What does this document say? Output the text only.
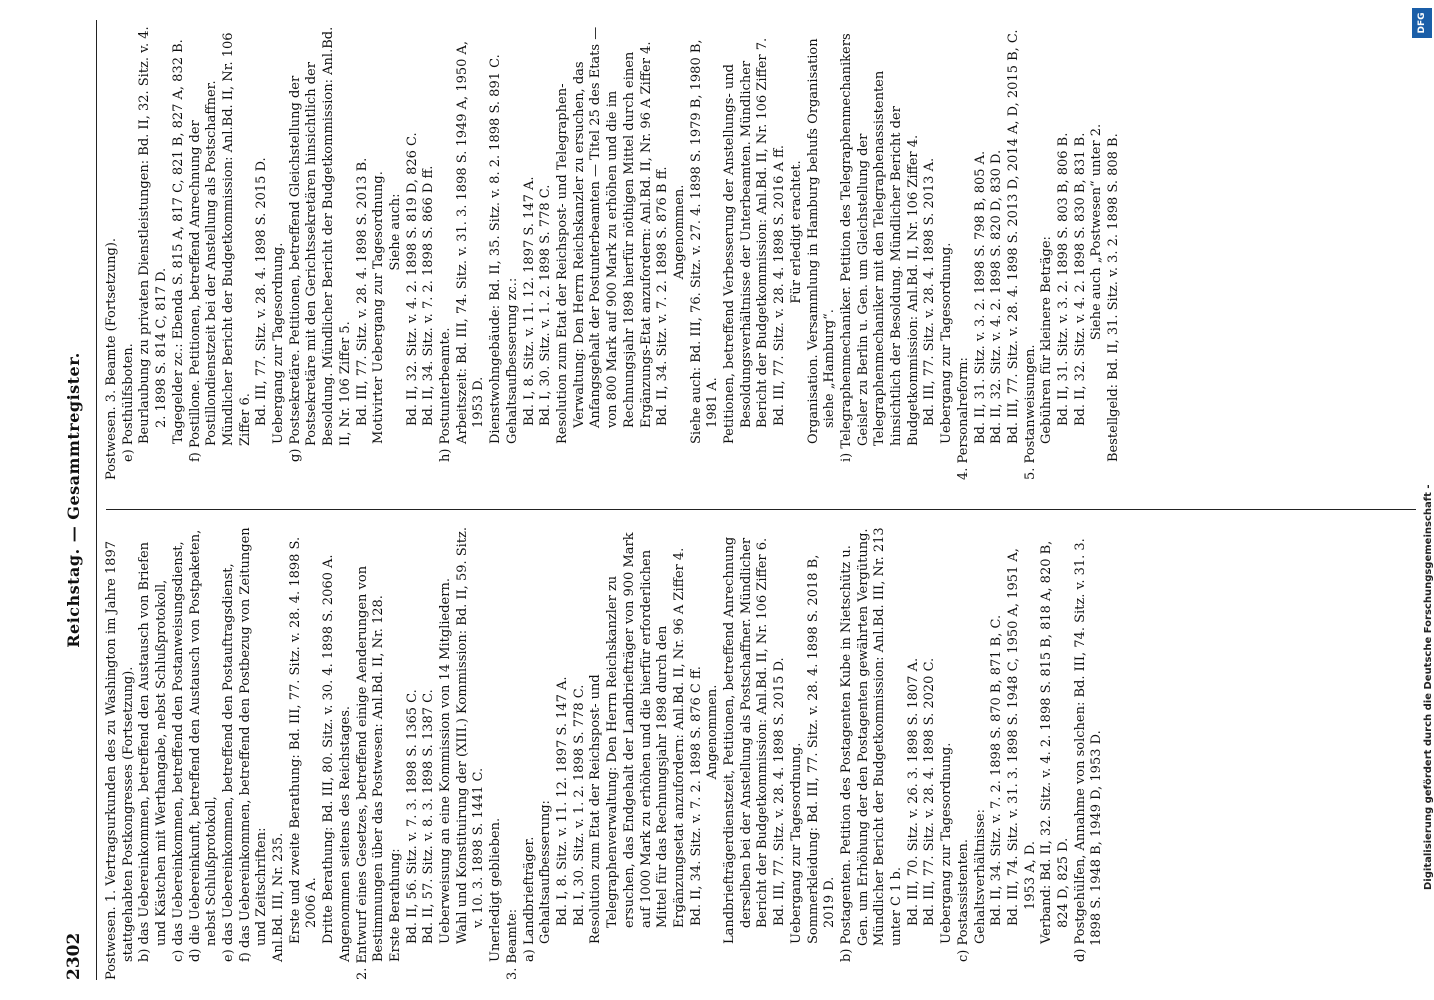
2302
Reichstag. — Gesammtregister.

Postwesen. 1. Vertragsurkunden des zu Washington im Jahre 1897 stattgehabten Postkongresses (Fortsetzung). b) das Uebereinkommen, betreffend den Austausch von Briefen und Kästchen mit Werthangabe, nebst Schlußprotokoll, c) das Uebereinkommen, betreffend den Postanweisungsdienst, d) die Uebereinkunft, betreffend den Austausch von Postpaketen, nebst Schlußprotokoll, e) das Uebereinkommen, betreffend den Postauftragsdienst, f) das Uebereinkommen, betreffend den Postbezug von Zeitungen und Zeitschriften: Anl.Bd. III, Nr. 235. Erste und zweite Berathung: Bd. III, 77. Sitz. v. 28. 4. 1898 S. 2006 A. Dritte Berathung: Bd. III, 80. Sitz. v. 30. 4. 1898 S. 2060 A. Angenommen seitens des Reichstages. 2. Entwurf eines Gesetzes, betreffend einige Aenderungen von Bestimmungen über das Postwesen: Anl.Bd. II, Nr. 128. Erste Berathung: Bd. II, 56. Sitz. v. 7. 3. 1898 S. 1365 C. Bd. II, 57. Sitz. v. 8. 3. 1898 S. 1387 C. Ueberweisung an eine Kommission von 14 Mitgliedern. Wahl und Konstituirung der (XIII.) Kommission: Bd. II, 59. Sitz. v. 10. 3. 1898 S. 1441 C. Unerledigt geblieben. 3. Beamte: a) Landbriefträger. Gehaltsaufbesserung: Bd. I, 8. Sitz. v. 11. 12. 1897 S. 147 A. Bd. I, 30. Sitz. v. 1. 2. 1898 S. 778 C. Resolution zum Etat der Reichspost- und Telegraphenverwaltung: Den Herrn Reichskanzler zu ersuchen, das Endgehalt der Landbriefträger von 900 Mark auf 1000 Mark zu erhöhen und die hierfür erforderlichen Mittel für das Rechnungsjahr 1898 durch den Ergänzungsetat anzufordern: Anl.Bd. II, Nr. 96 A Ziffer 4. Bd. II, 34. Sitz. v. 7. 2. 1898 S. 876 C ff. Angenommen. Landbriefträgerdienstzeit, Petitionen, betreffend Anrechnung derselben bei der Anstellung als Postschaffner. Mündlicher Bericht der Budgetkommission: Anl.Bd. II, Nr. 106 Ziffer 6. Bd. III, 77. Sitz. v. 28. 4. 1898 S. 2015 D. Uebergang zur Tagesordnung. Sommerkleidung: Bd. III, 77. Sitz. v. 28. 4. 1898 S. 2018 B, 2019 D. b) Postagenten. Petition des Postagenten Kube in Nietschütz u. Gen. um Erhöhung der den Postagenten gewährten Vergütung. Mündlicher Bericht der Budgetkommission: Anl.Bd. III, Nr. 213 unter C 1 b. Bd. III, 70. Sitz. v. 26. 3. 1898 S. 1807 A. Bd. III, 77. Sitz. v. 28. 4. 1898 S. 2020 C. Uebergang zur Tagesordnung. c) Postassistenten. Gehaltsverhältnisse: Bd. II, 34. Sitz. v. 7. 2. 1898 S. 870 B, 871 B, C. Bd. III, 74. Sitz. v. 31. 3. 1898 S. 1948 C, 1950 A, 1951 A, 1953 A, D. Verband: Bd. II, 32. Sitz. v. 4. 2. 1898 S. 815 B, 818 A, 820 B, 824 D, 825 D. d) Postgehülfen, Annahme von solchen: Bd. III, 74. Sitz. v. 31. 3. 1898 S. 1948 B, 1949 D, 1953 D.

Postwesen. 3. Beamte (Fortsetzung). e) Posthülfsboten. Beurlaubung zu privaten Dienstleistungen: Bd. II, 32. Sitz. v. 4. 2. 1898 S. 814 C, 817 D. Tagegelder zc.: Ebenda S. 815 A, 817 C, 821 B, 827 A, 832 B. f) Postillone. Petitionen, betreffend Anrechnung der Postillondienstzeit bei der Anstellung als Postschaffner. Mündlicher Bericht der Budgetkommission: Anl.Bd. II, Nr. 106 Ziffer 6. Bd. III, 77. Sitz. v. 28. 4. 1898 S. 2015 D. Uebergang zur Tagesordnung. g) Postsekretäre. Petitionen, betreffend Gleichstellung der Postsekretäre mit den Gerichtssekretären hinsichtlich der Besoldung. Mündlicher Bericht der Budgetkommission: Anl.Bd. II, Nr. 106 Ziffer 5. Bd. III, 77. Sitz. v. 28. 4. 1898 S. 2013 B. Motivirter Uebergang zur Tagesordnung. Siehe auch: Bd. II, 32. Sitz. v. 4. 2. 1898 S. 819 D, 826 C. Bd. II, 34. Sitz. v. 7. 2. 1898 S. 866 D ff. h) Postunterbeamte. Arbeitszeit: Bd. III, 74. Sitz. v. 31. 3. 1898 S. 1949 A, 1950 A, 1953 D. Dienstwohngebäude: Bd. II, 35. Sitz. v. 8. 2. 1898 S. 891 C. Gehaltsaufbesserung zc.: Bd. I, 8. Sitz. v. 11. 12. 1897 S. 147 A. Bd. I, 30. Sitz. v. 1. 2. 1898 S. 778 C. Resolution zum Etat der Reichspost- und Telegraphen-Verwaltung: Den Herrn Reichskanzler zu ersuchen, das Anfangsgehalt der Postunterbeamten — Titel 25 des Etats — von 800 Mark auf 900 Mark zu erhöhen und die im Rechnungsjahr 1898 hierfür nöthigen Mittel durch einen Ergänzungs-Etat anzufordern: Anl.Bd. II, Nr. 96 A Ziffer 4. Bd. II, 34. Sitz. v. 7. 2. 1898 S. 876 B ff. Angenommen. Siehe auch: Bd. III, 76. Sitz. v. 27. 4. 1898 S. 1979 B, 1980 B, 1981 A. Petitionen, betreffend Verbesserung der Anstellungs- und Besoldungsverhältnisse der Unterbeamten. Mündlicher Bericht der Budgetkommission: Anl.Bd. II, Nr. 106 Ziffer 7. Bd. III, 77. Sitz. v. 28. 4. 1898 S. 2016 A ff. Für erledigt erachtet. Organisation. Versammlung in Hamburg behufs Organisation siehe „Hamburg“. i) Telegraphenmechaniker. Petition des Telegraphenmechanikers Geisler zu Berlin u. Gen. um Gleichstellung der Telegraphenmechaniker mit den Telegraphenassistenten hinsichtlich der Besoldung. Mündlicher Bericht der Budgetkommission: Anl.Bd. II, Nr. 106 Ziffer 4. Bd. III, 77. Sitz. v. 28. 4. 1898 S. 2013 A. Uebergang zur Tagesordnung. 4. Personalreform: Bd. II, 31. Sitz. v. 3. 2. 1898 S. 798 B, 805 A. Bd. II, 32. Sitz. v. 4. 2. 1898 S. 820 D, 830 D. Bd. III, 77. Sitz. v. 28. 4. 1898 S. 2013 D, 2014 A, D, 2015 B, C. 5. Postanweisungen. Gebühren für kleinere Beträge: Bd. II, 31. Sitz. v. 3. 2. 1898 S. 803 B, 806 B. Bd. II, 32. Sitz. v. 4. 2. 1898 S. 830 B, 831 B. Siehe auch „Postwesen“ unter 2. Bestellgeld: Bd. II, 31. Sitz. v. 3. 2. 1898 S. 808 B.

DFG
Digitalisierung gefördert durch die Deutsche Forschungsgemeinschaft -
